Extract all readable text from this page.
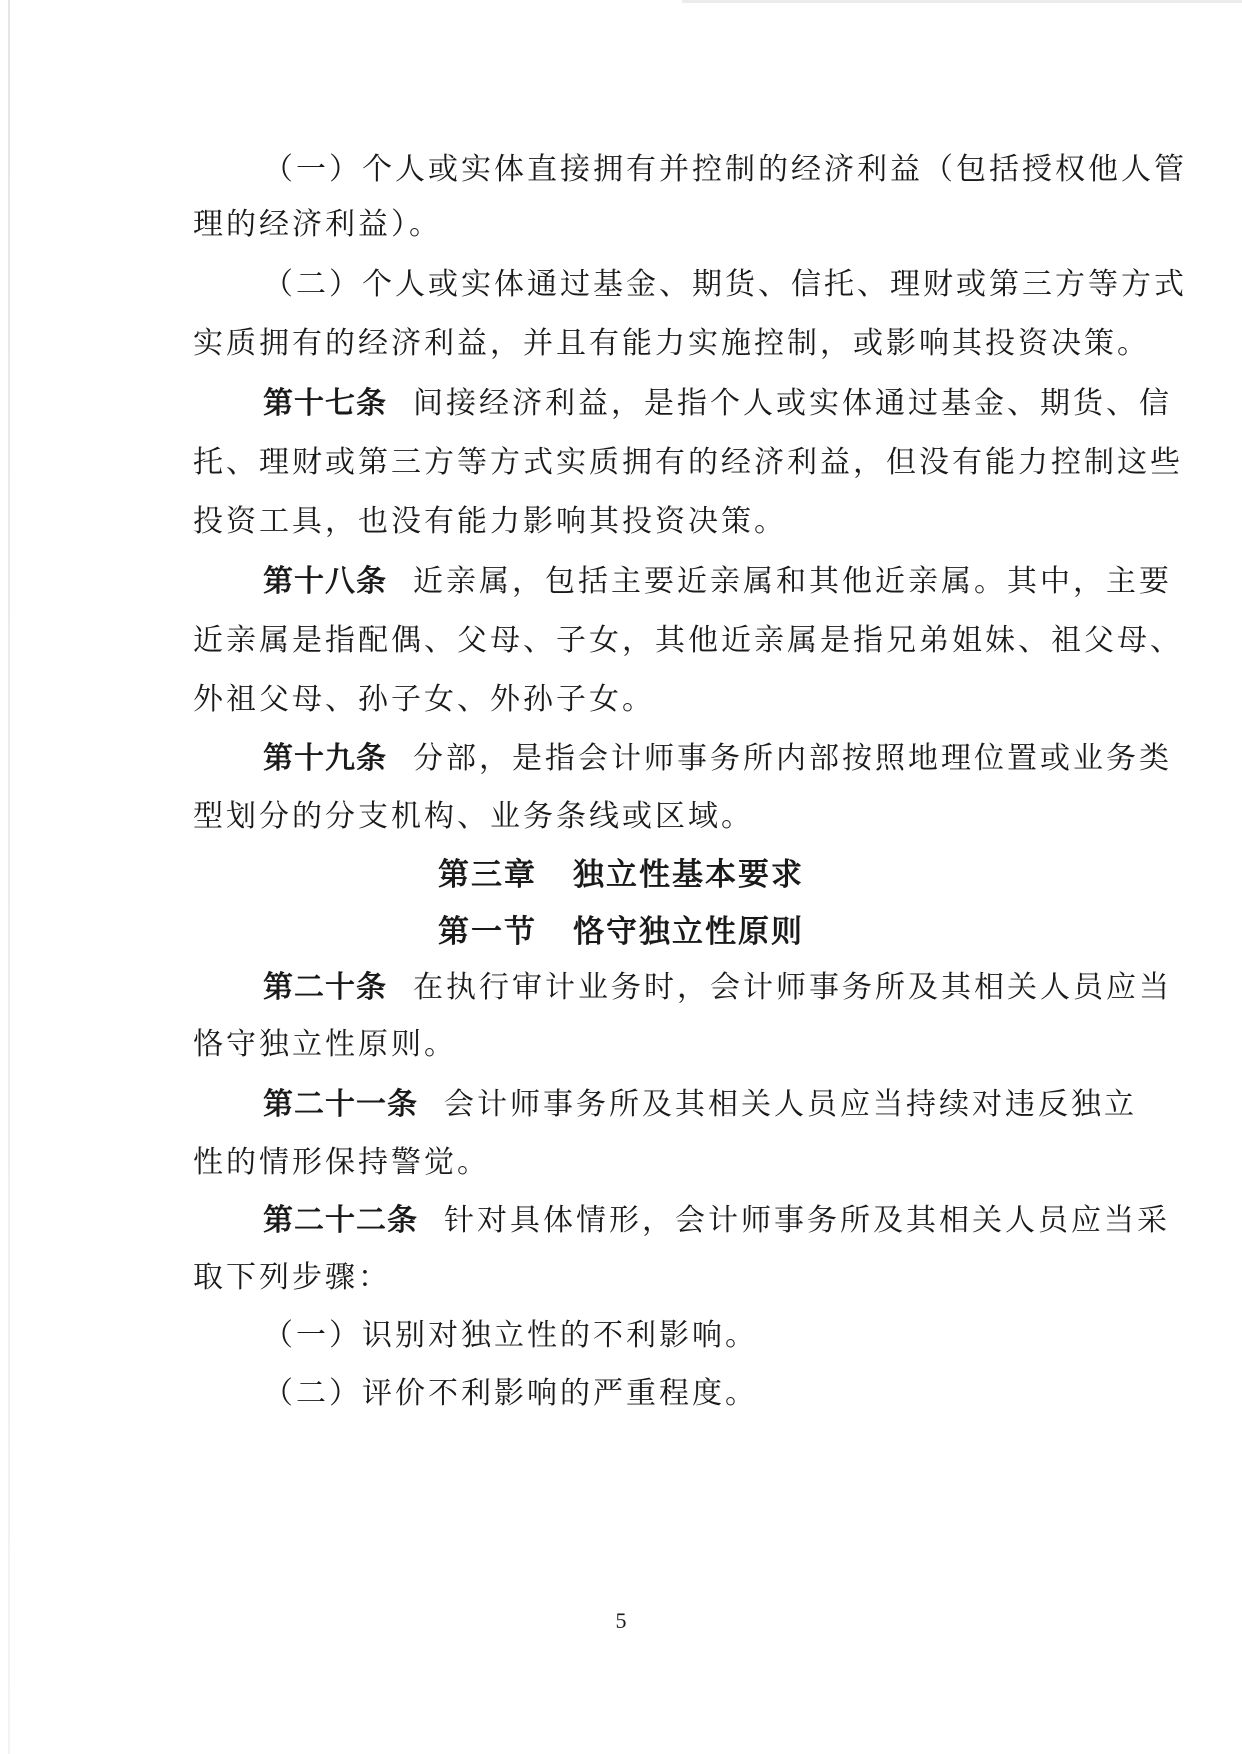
（一）个人或实体直接拥有并控制的经济利益（包括授权他人管
理的经济利益）。
（二）个人或实体通过基金、期货、信托、理财或第三方等方式
实质拥有的经济利益，并且有能力实施控制，或影响其投资决策。
第十七条 间接经济利益，是指个人或实体通过基金、期货、信
托、理财或第三方等方式实质拥有的经济利益，但没有能力控制这些
投资工具，也没有能力影响其投资决策。
第十八条 近亲属，包括主要近亲属和其他近亲属。其中，主要
近亲属是指配偶、父母、子女，其他近亲属是指兄弟姐妹、祖父母、
外祖父母、孙子女、外孙子女。
第十九条 分部，是指会计师事务所内部按照地理位置或业务类
型划分的分支机构、业务条线或区域。
第三章 独立性基本要求
第一节 恪守独立性原则
第二十条 在执行审计业务时，会计师事务所及其相关人员应当
恪守独立性原则。
第二十一条 会计师事务所及其相关人员应当持续对违反独立
性的情形保持警觉。
第二十二条 针对具体情形，会计师事务所及其相关人员应当采
取下列步骤：
（一）识别对独立性的不利影响。
（二）评价不利影响的严重程度。
5
